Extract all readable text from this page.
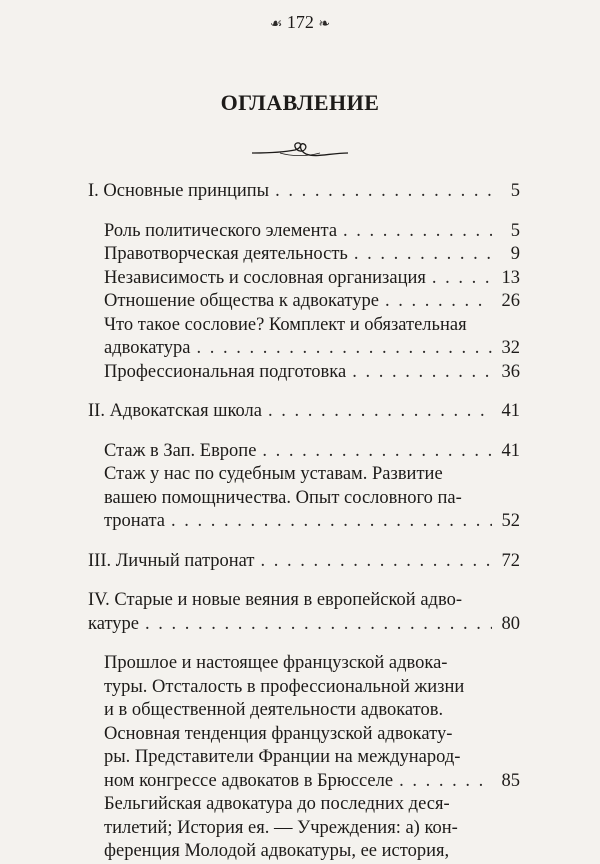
☙ 172 ❧
ОГЛАВЛЕНИЕ
I. Основные принципы . . .	5
Роль политического элемента . . .	5
Правотворческая деятельность . . .	9
Независимость и сословная организация . . .	13
Отношение общества к адвокатуре . . .	26
Что такое сословие? Комплект и обязательная
адвокатура . . .	32
Профессиональная подготовка . . .	36
II. Адвокатская школа . . .	41
Стаж в Зап. Европе . . .	41
Стаж у нас по судебным уставам. Развитие
вашею помощничества. Опыт сословного па-
троната . . .	52
III. Личный патронат . . .	72
IV. Старые и новые веяния в европейской адво-
катуре . . .	80
Прошлое и настоящее французской адвока-
туры. Отсталость в профессиональной жизни
и в общественной деятельности адвокатов.
Основная тенденция французской адвокату-
ры. Представители Франции на международ-
ном конгрессе адвокатов в Брюсселе . . .	85
Бельгийская адвокатура до последних деся-
тилетий; История ея. — Учреждения: а) кон-
ференция Молодой адвокатуры, ее история,
